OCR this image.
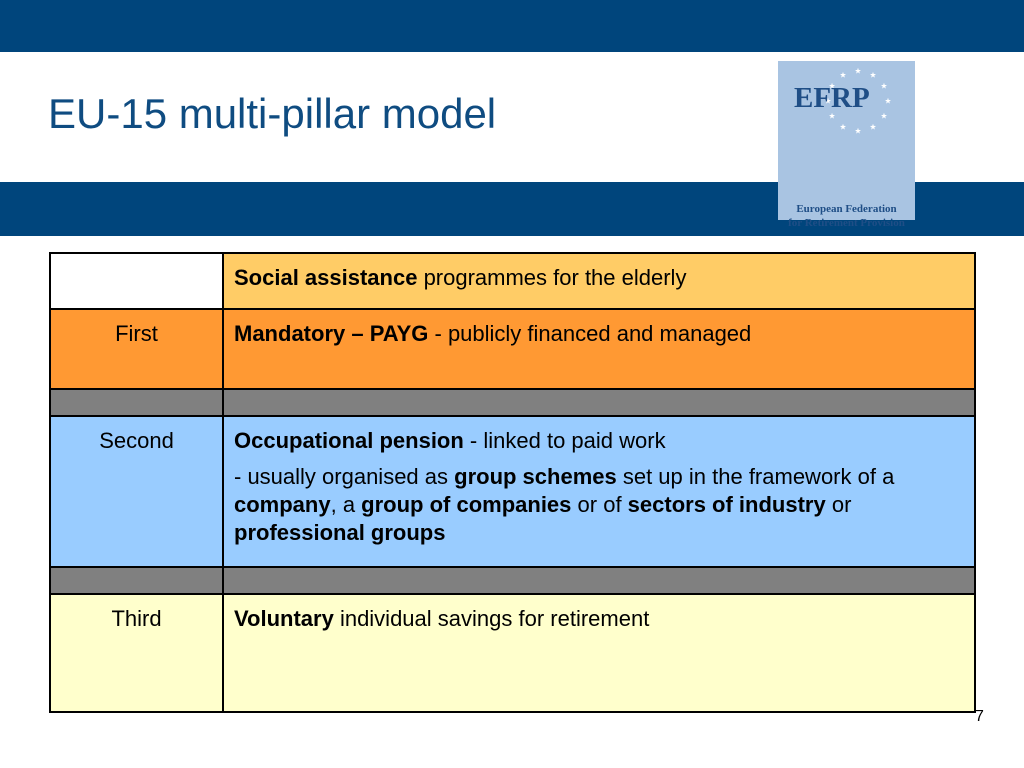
EU-15 multi-pillar model	EFRP
European Federation
for Retirement Provision

	Social assistance programmes for the elderly

First	Mandatory – PAYG - publicly financed and managed

Second	Occupational pension - linked to paid work

- usually organised as group schemes set up in the framework of a company, a group of companies or of sectors of industry or professional groups

Third	Voluntary individual savings for retirement

7
